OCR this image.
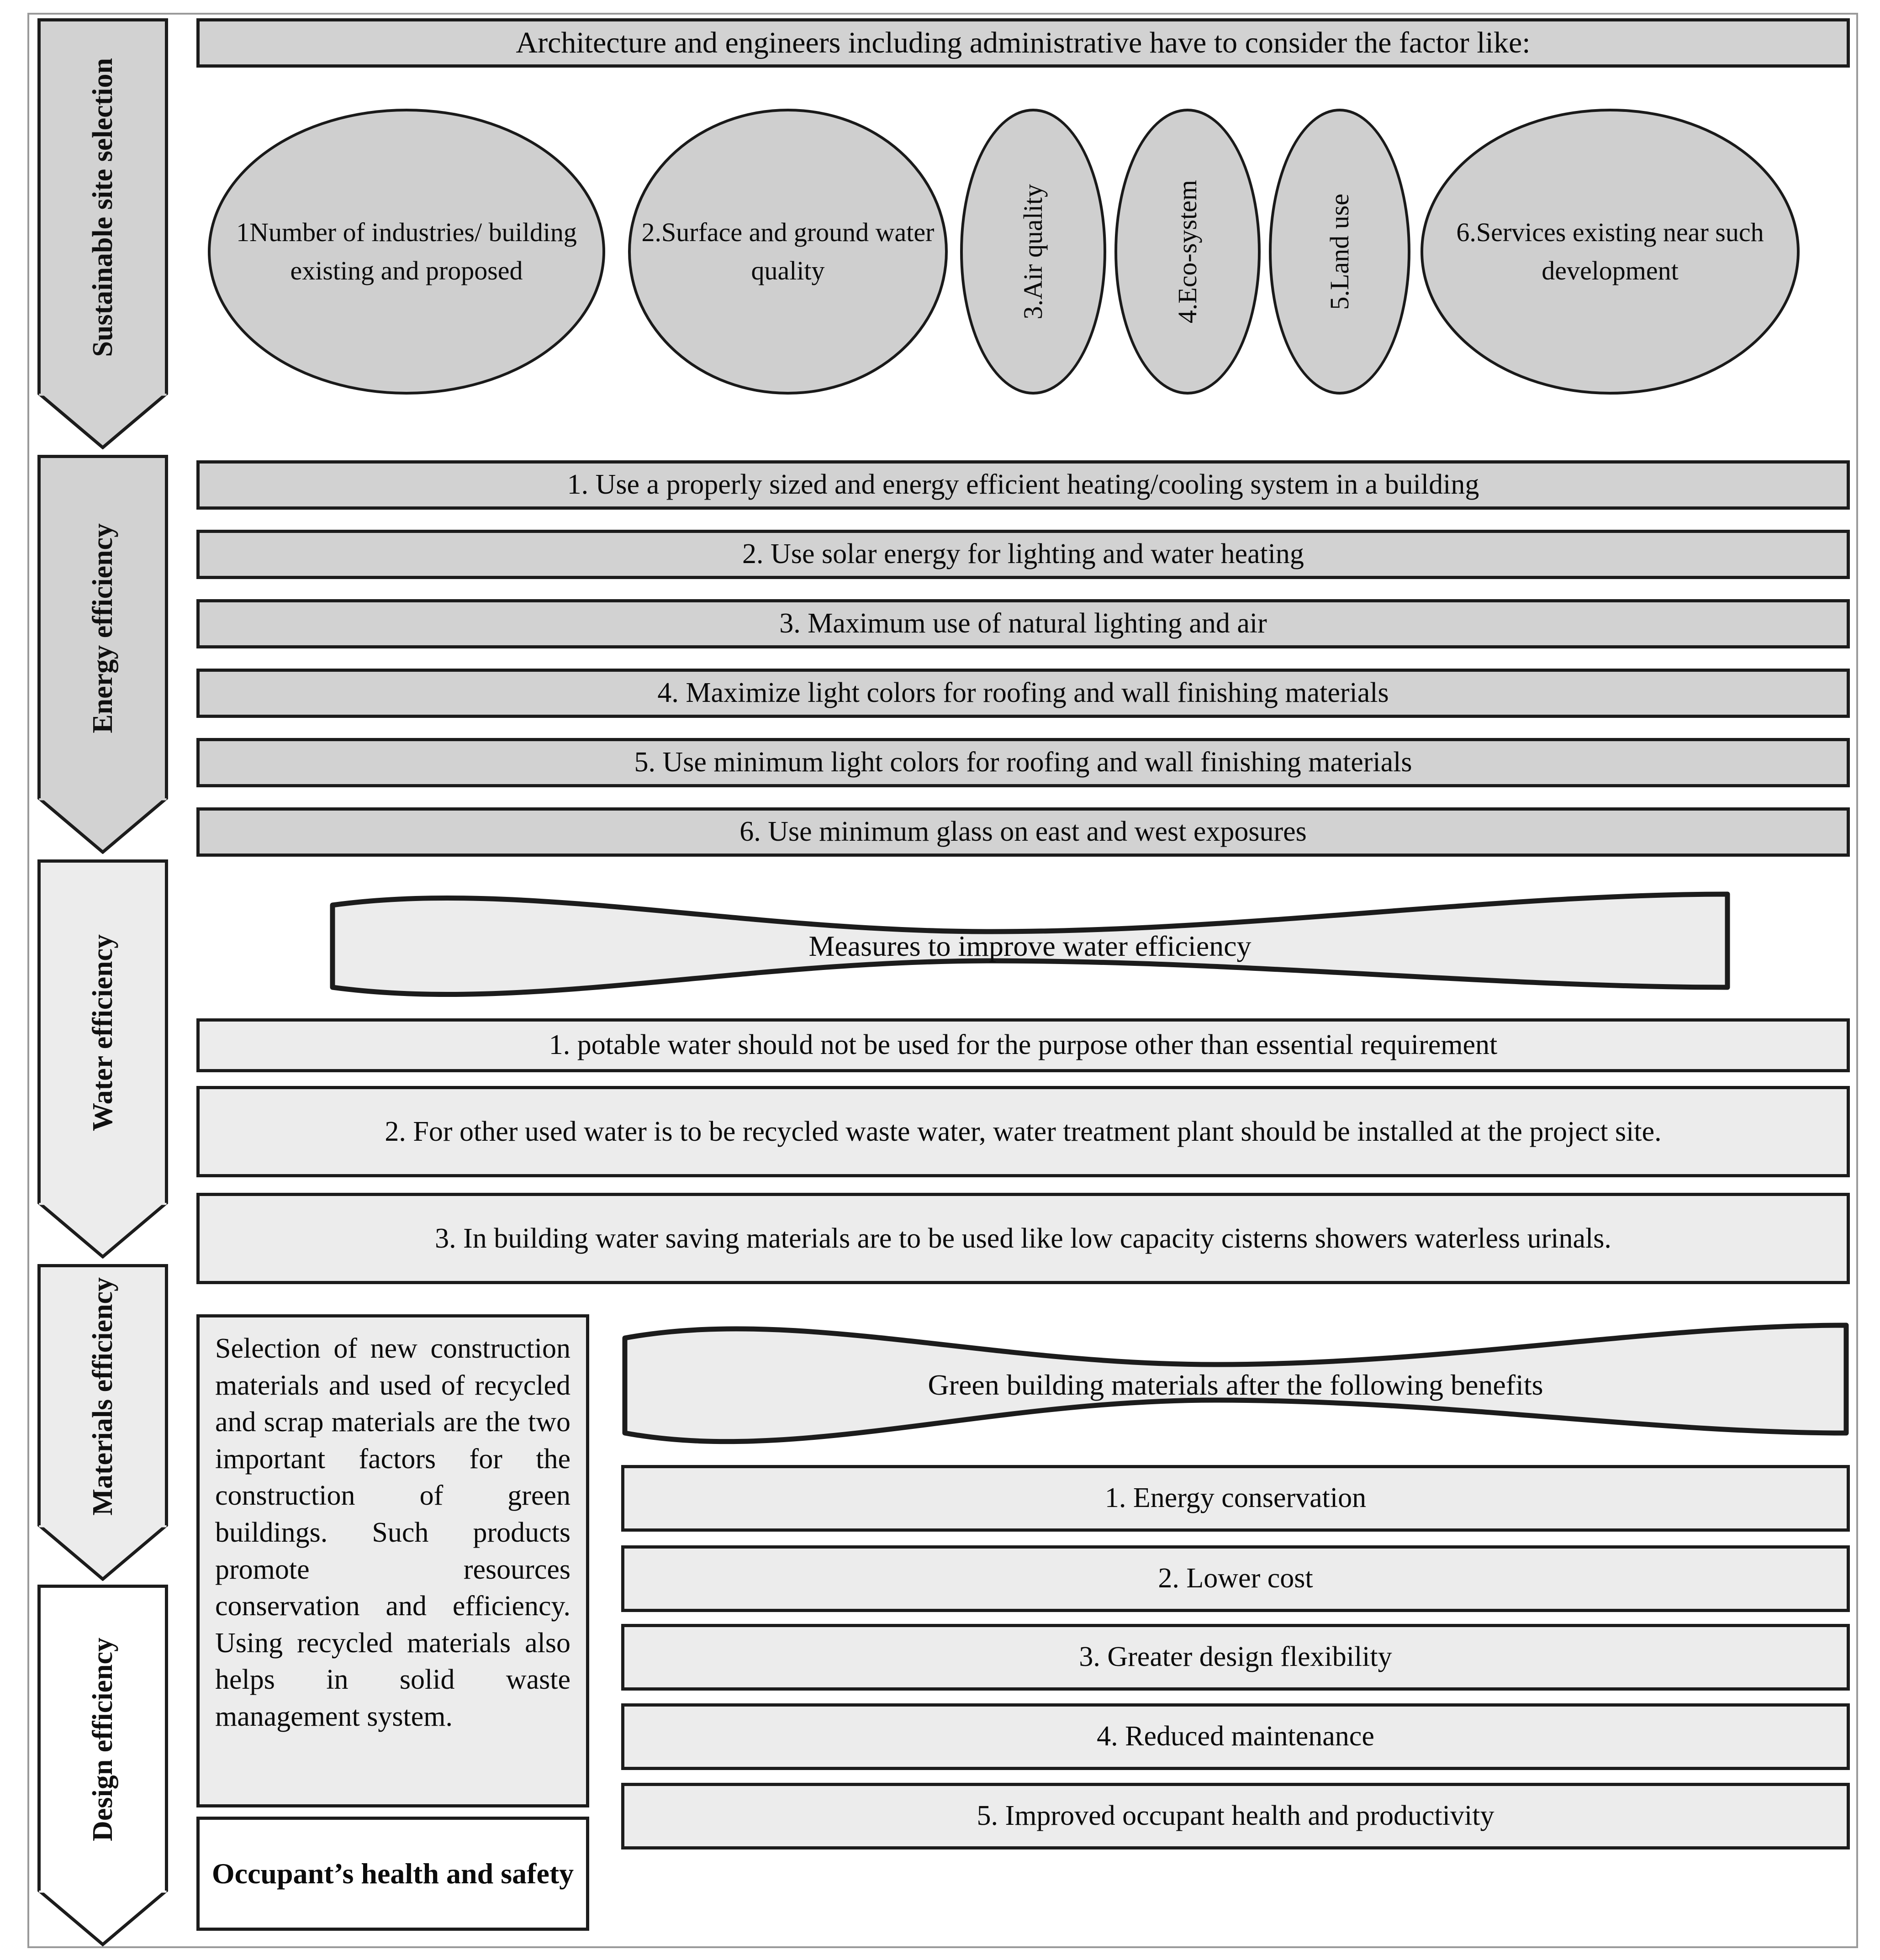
Sustainable site selection
Energy efficiency
Water efficiency
Materials efficiency
Design efficiency
Architecture and engineers including administrative have to consider the factor like:
1Number of industries/ building existing and proposed
2.Surface and ground water quality	3.Air quality	4.Eco-system	5.Land use	6.Services existing near such development
1. Use a properly sized and energy efficient heating/cooling system in a building
2. Use solar energy for lighting and water heating
3. Maximum use of natural lighting and air
4. Maximize light colors for roofing and wall finishing materials
5. Use minimum light colors for roofing and wall finishing materials
6. Use minimum glass on east and west exposures
Measures to improve water efficiency
1. potable water should not be used for the purpose other than essential requirement
2. For other used water is to be recycled waste water, water treatment plant should be installed at the project site.
3. In building water saving materials are to be used like low capacity cisterns showers waterless urinals.
Selection of new construction materials and used of recycled and scrap materials are the two important factors for the construction of green buildings. Such products promote resources conservation and efficiency. Using recycled materials also helps in solid waste management system.
Occupant’s health and safety
Green building materials after the following benefits
1. Energy conservation
2. Lower cost
3. Greater design flexibility
4. Reduced maintenance
5. Improved occupant health and productivity
